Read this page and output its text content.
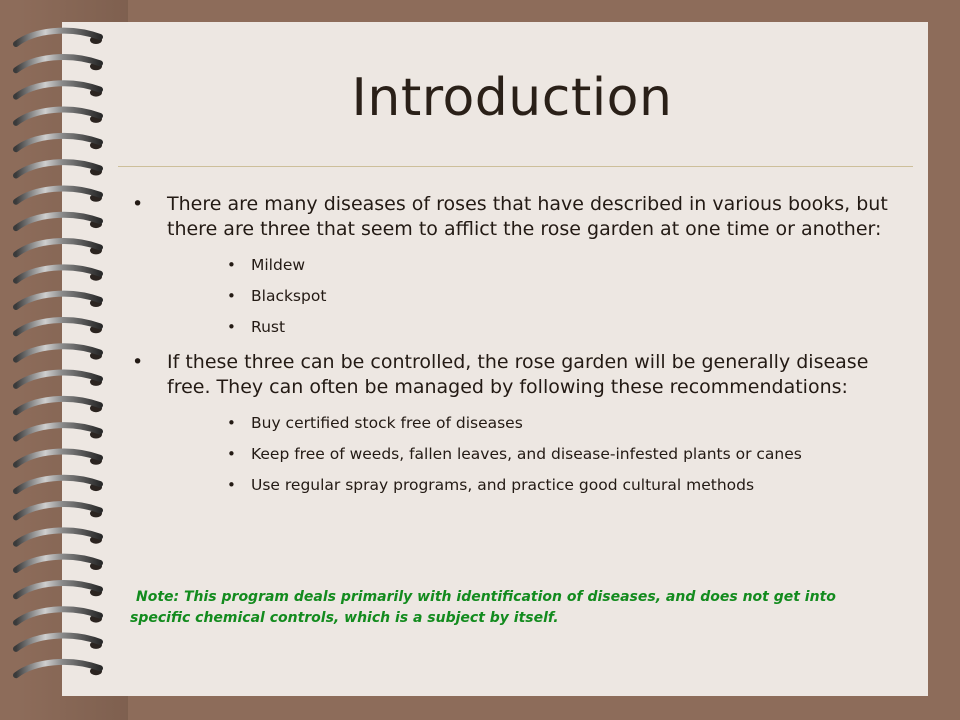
Introduction
• There are many diseases of roses that have described in various books, but there are three that seem to afflict the rose garden at one time or another:
• Mildew
• Blackspot
• Rust
• If these three can be controlled, the rose garden will be generally disease free. They can often be managed by following these recommendations:
• Buy certified stock free of diseases
• Keep free of weeds, fallen leaves, and disease-infested plants or canes
• Use regular spray programs, and practice good cultural methods
Note: This program deals primarily with identification of diseases, and does not get into specific chemical controls, which is a subject by itself.
